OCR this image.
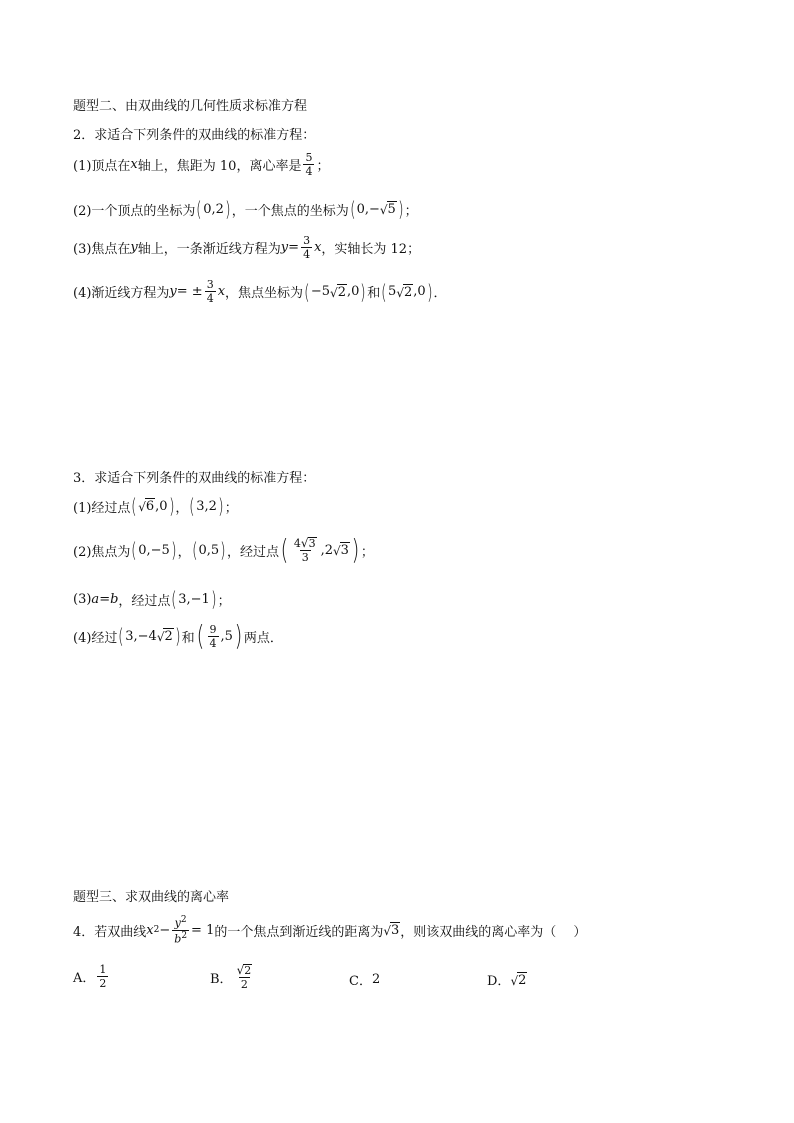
题型二、由双曲线的几何性质求标准方程
2．求适合下列条件的双曲线的标准方程：
(1)顶点在 x 轴上，焦距为 10，离心率是 $\frac{5}{4}$ ；
(2)一个顶点的坐标为 ( 0,2 ) ，一个焦点的坐标为 ( 0,− √ 5 ) ；
(3)焦点在 y 轴上，一条渐近线方程为 $y = \frac{3}{4}$ x ，实轴长为 12；
(4)渐近线方程为 y = ± $\frac{3}{4}$ x ，焦点坐标为 ( −5 √ 2 ,0 ) 和 ( 5 √ 2 ,0 ) ．
3．求适合下列条件的双曲线的标准方程：
(1)经过点 ( √ 6 ,0 ) ， ( 3,2 ) ；
(2)焦点为 ( 0,−5 ) ， ( 0,5 ) ，经过点 ( $\frac{4 √ 3}{3} ,2$ √ 3 ) ；
(3) a = b ，经过点 ( 3,−1 ) ；
(4)经过 ( 3,−4 √ 2 ) 和 ( $\frac{9}{4} ,5$ ) 两点．
题型三、求双曲线的离心率
4．若双曲线 x $2 - \frac{y^2}{b^2} = 1$ 的一个焦点到渐近线的距离为 √ 3 ，则该双曲线的离心率为（　 ）
A． $\frac{1}{2}$	B． $\frac{√ 2}{2}$	C． 2	D． √ 2
